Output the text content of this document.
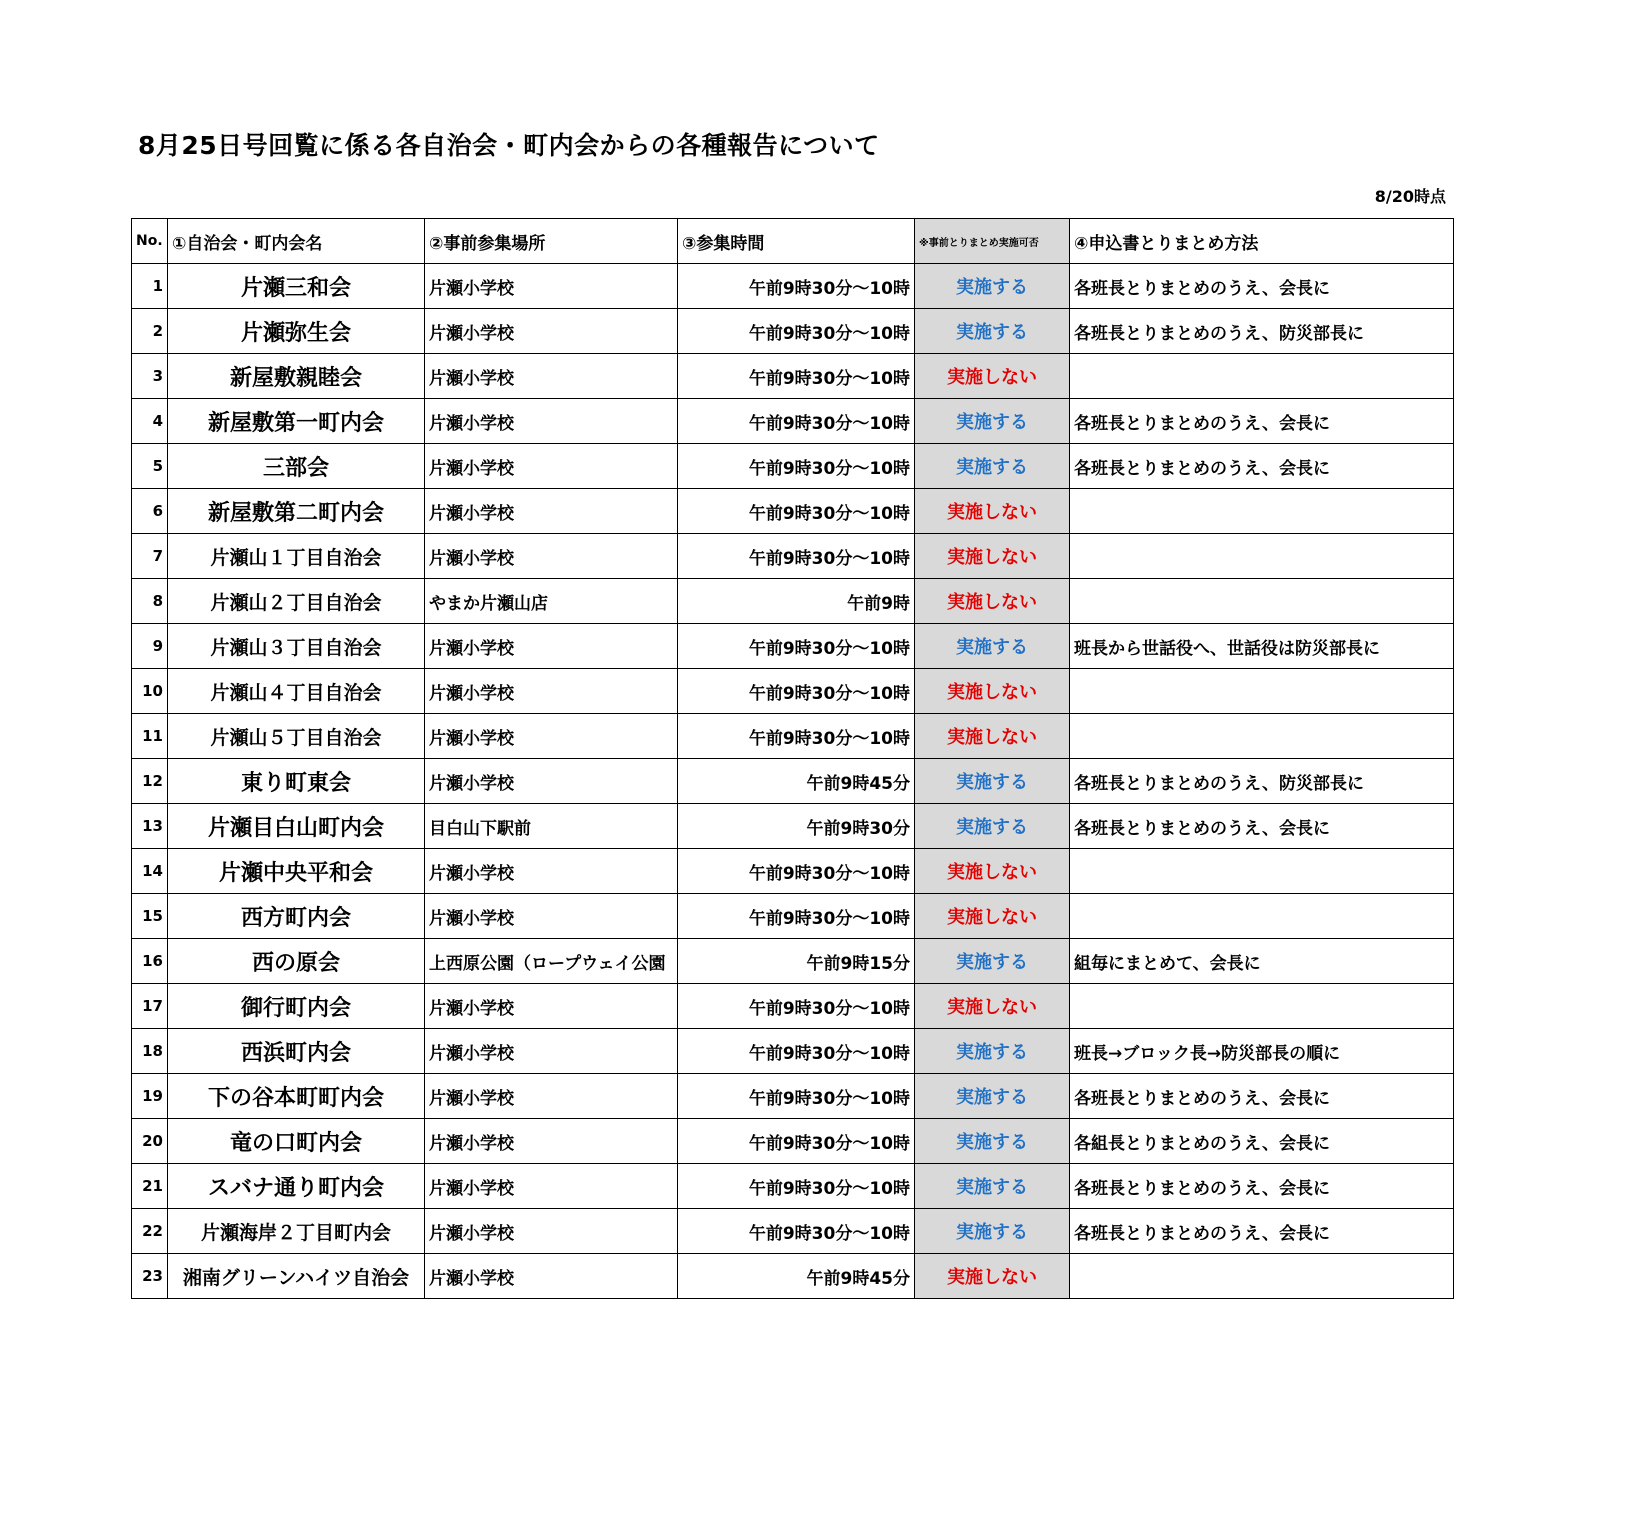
8月25日号回覧に係る各自治会・町内会からの各種報告について
8/20時点
No.	①自治会・町内会名	②事前参集場所	③参集時間	※事前とりまとめ実施可否	④申込書とりまとめ方法
1	片瀬三和会	片瀬小学校	午前9時30分～10時	実施する	各班長とりまとめのうえ、会長に
2	片瀬弥生会	片瀬小学校	午前9時30分～10時	実施する	各班長とりまとめのうえ、防災部長に
3	新屋敷親睦会	片瀬小学校	午前9時30分～10時	実施しない	
4	新屋敷第一町内会	片瀬小学校	午前9時30分～10時	実施する	各班長とりまとめのうえ、会長に
5	三部会	片瀬小学校	午前9時30分～10時	実施する	各班長とりまとめのうえ、会長に
6	新屋敷第二町内会	片瀬小学校	午前9時30分～10時	実施しない	
7	片瀬山１丁目自治会	片瀬小学校	午前9時30分～10時	実施しない	
8	片瀬山２丁目自治会	やまか片瀬山店	午前9時	実施しない	
9	片瀬山３丁目自治会	片瀬小学校	午前9時30分～10時	実施する	班長から世話役へ、世話役は防災部長に
10	片瀬山４丁目自治会	片瀬小学校	午前9時30分～10時	実施しない	
11	片瀬山５丁目自治会	片瀬小学校	午前9時30分～10時	実施しない	
12	東り町東会	片瀬小学校	午前9時45分	実施する	各班長とりまとめのうえ、防災部長に
13	片瀬目白山町内会	目白山下駅前	午前9時30分	実施する	各班長とりまとめのうえ、会長に
14	片瀬中央平和会	片瀬小学校	午前9時30分～10時	実施しない	
15	西方町内会	片瀬小学校	午前9時30分～10時	実施しない	
16	西の原会	上西原公園（ロープウェイ公園	午前9時15分	実施する	組毎にまとめて、会長に
17	御行町内会	片瀬小学校	午前9時30分～10時	実施しない	
18	西浜町内会	片瀬小学校	午前9時30分～10時	実施する	班長→ブロック長→防災部長の順に
19	下の谷本町町内会	片瀬小学校	午前9時30分～10時	実施する	各班長とりまとめのうえ、会長に
20	竜の口町内会	片瀬小学校	午前9時30分～10時	実施する	各組長とりまとめのうえ、会長に
21	スバナ通り町内会	片瀬小学校	午前9時30分～10時	実施する	各班長とりまとめのうえ、会長に
22	片瀬海岸２丁目町内会	片瀬小学校	午前9時30分～10時	実施する	各班長とりまとめのうえ、会長に
23	湘南グリーンハイツ自治会	片瀬小学校	午前9時45分	実施しない	
